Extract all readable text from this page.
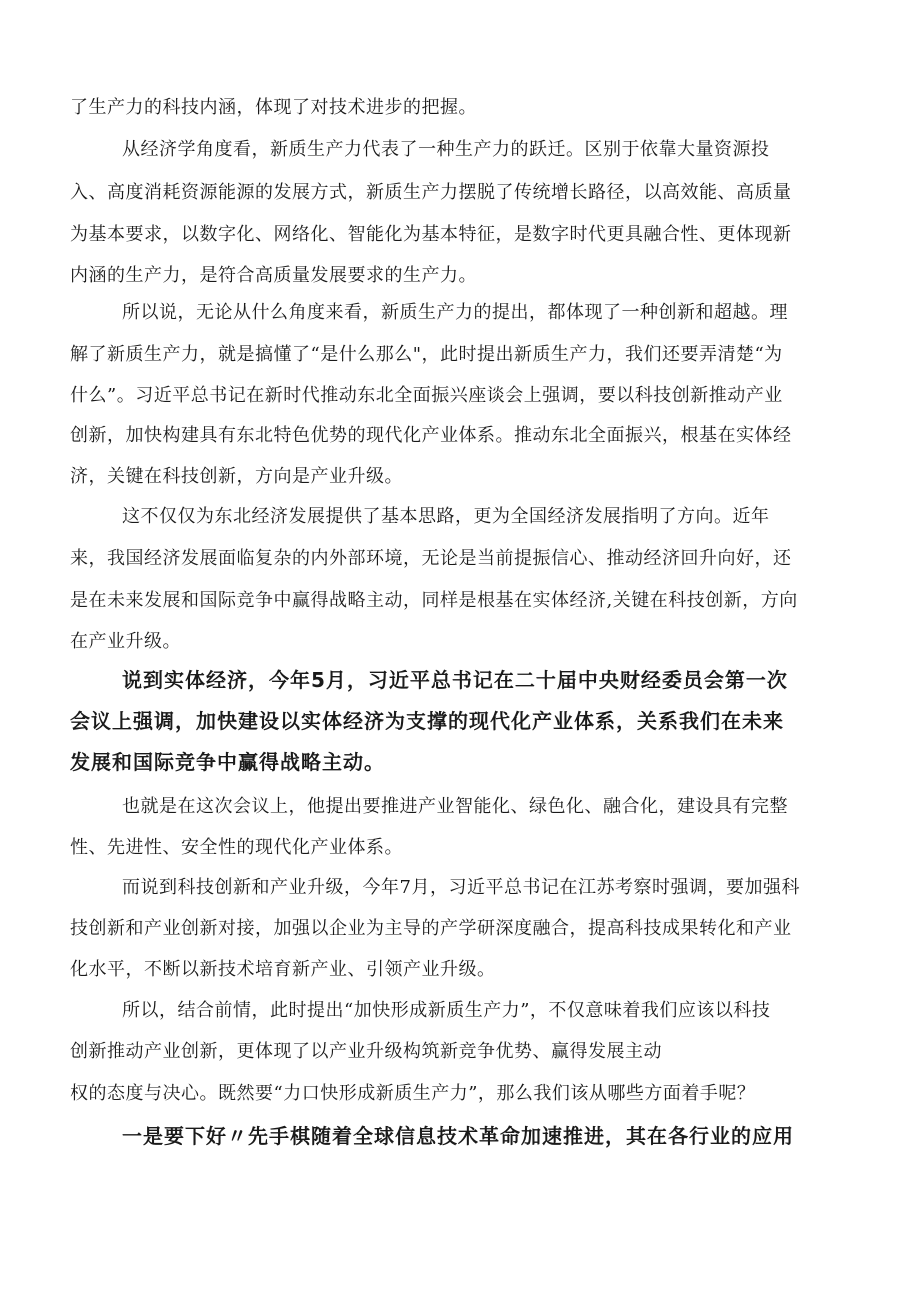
了生产力的科技内涵，体现了对技术进步的把握。
从经济学角度看，新质生产力代表了一种生产力的跃迁。区别于依靠大量资源投
入、高度消耗资源能源的发展方式，新质生产力摆脱了传统增长路径，以高效能、高质量
为基本要求，以数字化、网络化、智能化为基本特征，是数字时代更具融合性、更体现新
内涵的生产力，是符合高质量发展要求的生产力。
所以说，无论从什么角度来看，新质生产力的提出，都体现了一种创新和超越。理
解了新质生产力，就是搞懂了“是什么那么"，此时提出新质生产力，我们还要弄清楚“为
什么”。习近平总书记在新时代推动东北全面振兴座谈会上强调，要以科技创新推动产业
创新，加快构建具有东北特色优势的现代化产业体系。推动东北全面振兴，根基在实体经
济，关键在科技创新，方向是产业升级。
这不仅仅为东北经济发展提供了基本思路，更为全国经济发展指明了方向。近年
来，我国经济发展面临复杂的内外部环境，无论是当前提振信心、推动经济回升向好，还
是在未来发展和国际竞争中赢得战略主动，同样是根基在实体经济,关键在科技创新，方向
在产业升级。
说到实体经济，今年5月，习近平总书记在二十届中央财经委员会第一次
会议上强调，加快建设以实体经济为支撑的现代化产业体系，关系我们在未来
发展和国际竞争中赢得战略主动。
也就是在这次会议上，他提出要推进产业智能化、绿色化、融合化，建设具有完整
性、先进性、安全性的现代化产业体系。
而说到科技创新和产业升级，今年7月，习近平总书记在江苏考察时强调，要加强科
技创新和产业创新对接，加强以企业为主导的产学研深度融合，提高科技成果转化和产业
化水平，不断以新技术培育新产业、引领产业升级。
所以，结合前情，此时提出“加快形成新质生产力”，不仅意味着我们应该以科技
创新推动产业创新，更体现了以产业升级构筑新竞争优势、赢得发展主动
权的态度与决心。既然要“力口快形成新质生产力”，那么我们该从哪些方面着手呢？
一是要下好〃先手棋随着全球信息技术革命加速推进，其在各行业的应用
